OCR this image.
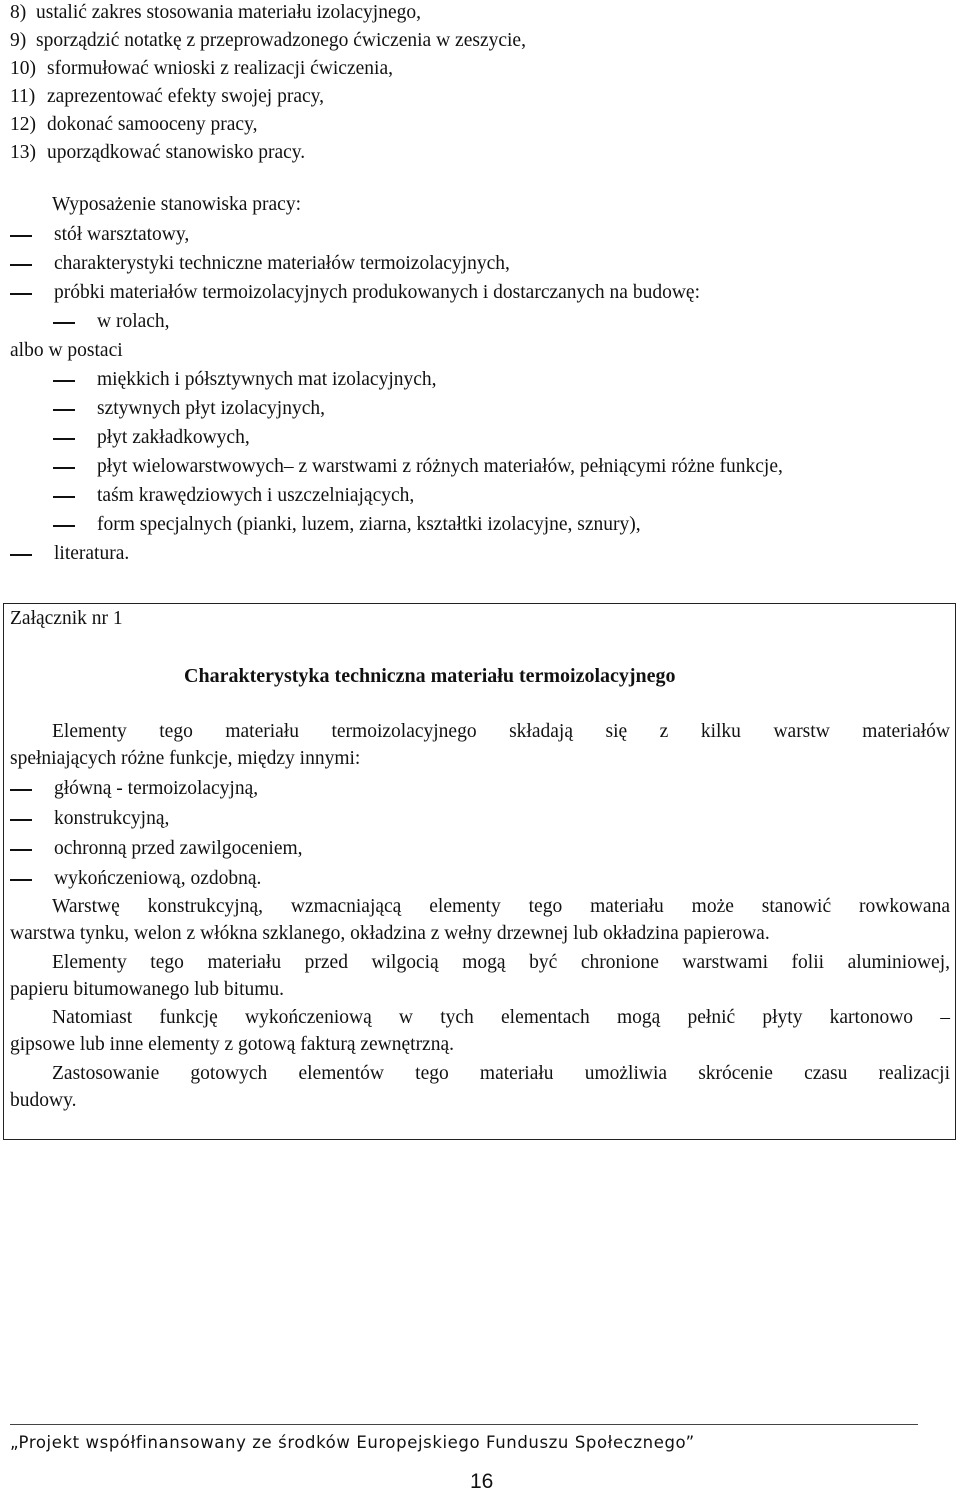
8) ustalić zakres stosowania materiału izolacyjnego,
9) sporządzić notatkę z przeprowadzonego ćwiczenia w zeszycie,
10) sformułować wnioski z realizacji ćwiczenia,
11) zaprezentować efekty swojej pracy,
12) dokonać samooceny pracy,
13) uporządkować stanowisko pracy.
Wyposażenie stanowiska pracy:
stół warsztatowy,
charakterystyki techniczne materiałów termoizolacyjnych,
próbki materiałów termoizolacyjnych produkowanych i dostarczanych na budowę:
w rolach,
albo w postaci
miękkich i półsztywnych mat izolacyjnych,
sztywnych płyt izolacyjnych,
płyt zakładkowych,
płyt wielowarstwowych– z warstwami z różnych materiałów, pełniącymi różne funkcje,
taśm krawędziowych i uszczelniających,
form specjalnych (pianki, luzem, ziarna, kształtki izolacyjne, sznury),
literatura.
Załącznik nr 1
Charakterystyka techniczna materiału termoizolacyjnego
Elementy tego materiału termoizolacyjnego składają się z kilku warstw materiałów
spełniających różne funkcje, między innymi:
główną - termoizolacyjną,
konstrukcyjną,
ochronną przed zawilgoceniem,
wykończeniową, ozdobną.
Warstwę konstrukcyjną, wzmacniającą elementy tego materiału może stanowić rowkowana
warstwa tynku, welon z włókna szklanego, okładzina z wełny drzewnej lub okładzina papierowa.
Elementy tego materiału przed wilgocią mogą być chronione warstwami folii aluminiowej,
papieru bitumowanego lub bitumu.
Natomiast funkcję wykończeniową w tych elementach mogą pełnić płyty kartonowo –
gipsowe lub inne elementy z gotową fakturą zewnętrzną.
Zastosowanie gotowych elementów tego materiału umożliwia skrócenie czasu realizacji
budowy.
„Projekt współfinansowany ze środków Europejskiego Funduszu Społecznego”
16
